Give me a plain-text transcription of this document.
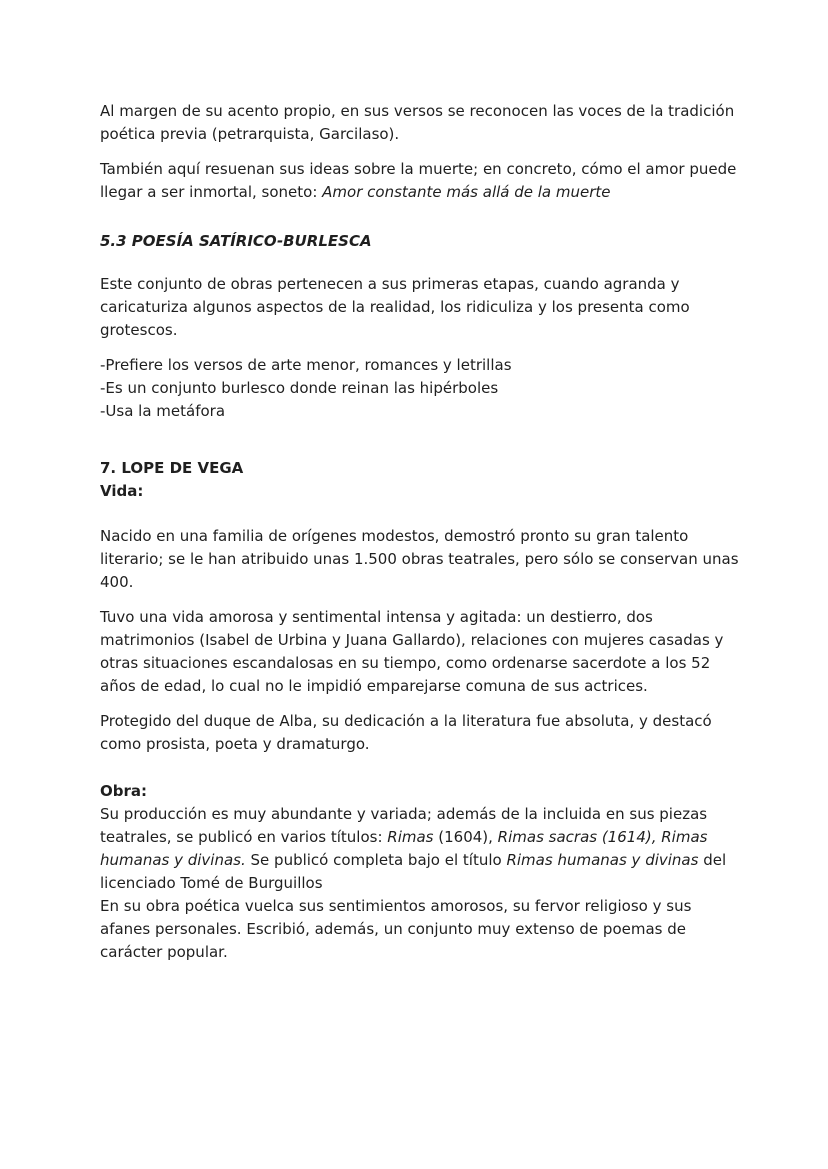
Al margen de su acento propio, en sus versos se reconocen las voces de la tradición poética previa (petrarquista, Garcilaso).

También aquí resuenan sus ideas sobre la muerte; en concreto, cómo el amor puede llegar a ser inmortal, soneto: Amor constante más allá de la muerte

5.3 POESÍA SATÍRICO-BURLESCA

Este conjunto de obras pertenecen a sus primeras etapas, cuando agranda y caricaturiza algunos aspectos de la realidad, los ridiculiza y los presenta como grotescos.

-Prefiere los versos de arte menor, romances y letrillas
-Es un conjunto burlesco donde reinan las hipérboles
-Usa la metáfora

7. LOPE DE VEGA

Vida:

Nacido en una familia de orígenes modestos, demostró pronto su gran talento literario; se le han atribuido unas 1.500 obras teatrales, pero sólo se conservan unas 400.

Tuvo una vida amorosa y sentimental intensa y agitada: un destierro, dos matrimonios (Isabel de Urbina y Juana Gallardo), relaciones con mujeres casadas y otras situaciones escandalosas en su tiempo, como ordenarse sacerdote a los 52 años de edad, lo cual no le impidió emparejarse comuna de sus actrices.

Protegido del duque de Alba, su dedicación a la literatura fue absoluta, y destacó como prosista, poeta y dramaturgo.

Obra:

Su producción es muy abundante y variada; además de la incluida en sus piezas teatrales, se publicó en varios títulos: Rimas (1604), Rimas sacras (1614), Rimas humanas y divinas. Se publicó completa bajo el título Rimas humanas y divinas del licenciado Tomé de Burguillos

En su obra poética vuelca sus sentimientos amorosos, su fervor religioso y sus afanes personales. Escribió, además, un conjunto muy extenso de poemas de carácter popular.
